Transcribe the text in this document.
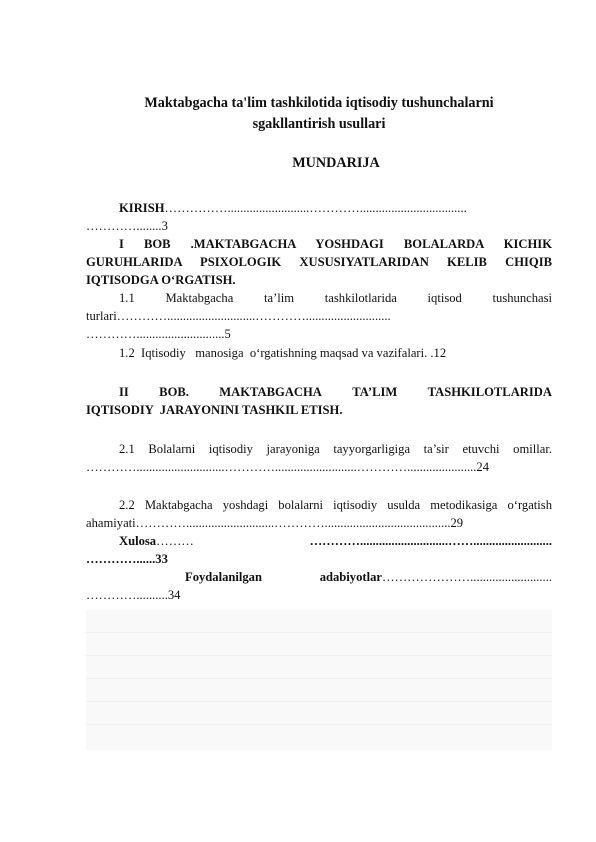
Maktabgacha ta'lim tashkilotida iqtisodiy tushunchalarni
sgakllantirish usullari
MUNDARIJA
KIRISH……………..........................…………..................................
…………........3
I BOB .MAKTABGACHA YOSHDAGI BOLALARDA KICHIK
GURUHLARIDA PSIXOLOGIK XUSUSIYATLARIDAN KELIB CHIQIB
IQTISODGA O‘RGATISH.
1.1 Maktabgacha ta’lim tashkilotlarida iqtisod tushunchasi
turlari…………............................…………...........................
…………............................5
1.2  Iqtisodiy   manosiga  o‘rgatishning maqsad va vazifalari. .12
II BOB. MAKTABGACHA TA’LIM TASHKILOTLARIDA
IQTISODIY  JARAYONINI TASHKIL ETISH.
2.1 Bolalarni iqtisodiy jarayoniga tayyorgarligiga ta’sir etuvchi omillar.
…………............................…………..........................…………......................24
2.2 Maktabgacha yoshdagi bolalarni iqtisodiy usulda metodikasiga o‘rgatish
ahamiyati…………............................…………........................................29
Xulosa………	…………............................…….........................
…………......33
Foydalanilgan	adabiyotlar…………………..........................
…………..........34
